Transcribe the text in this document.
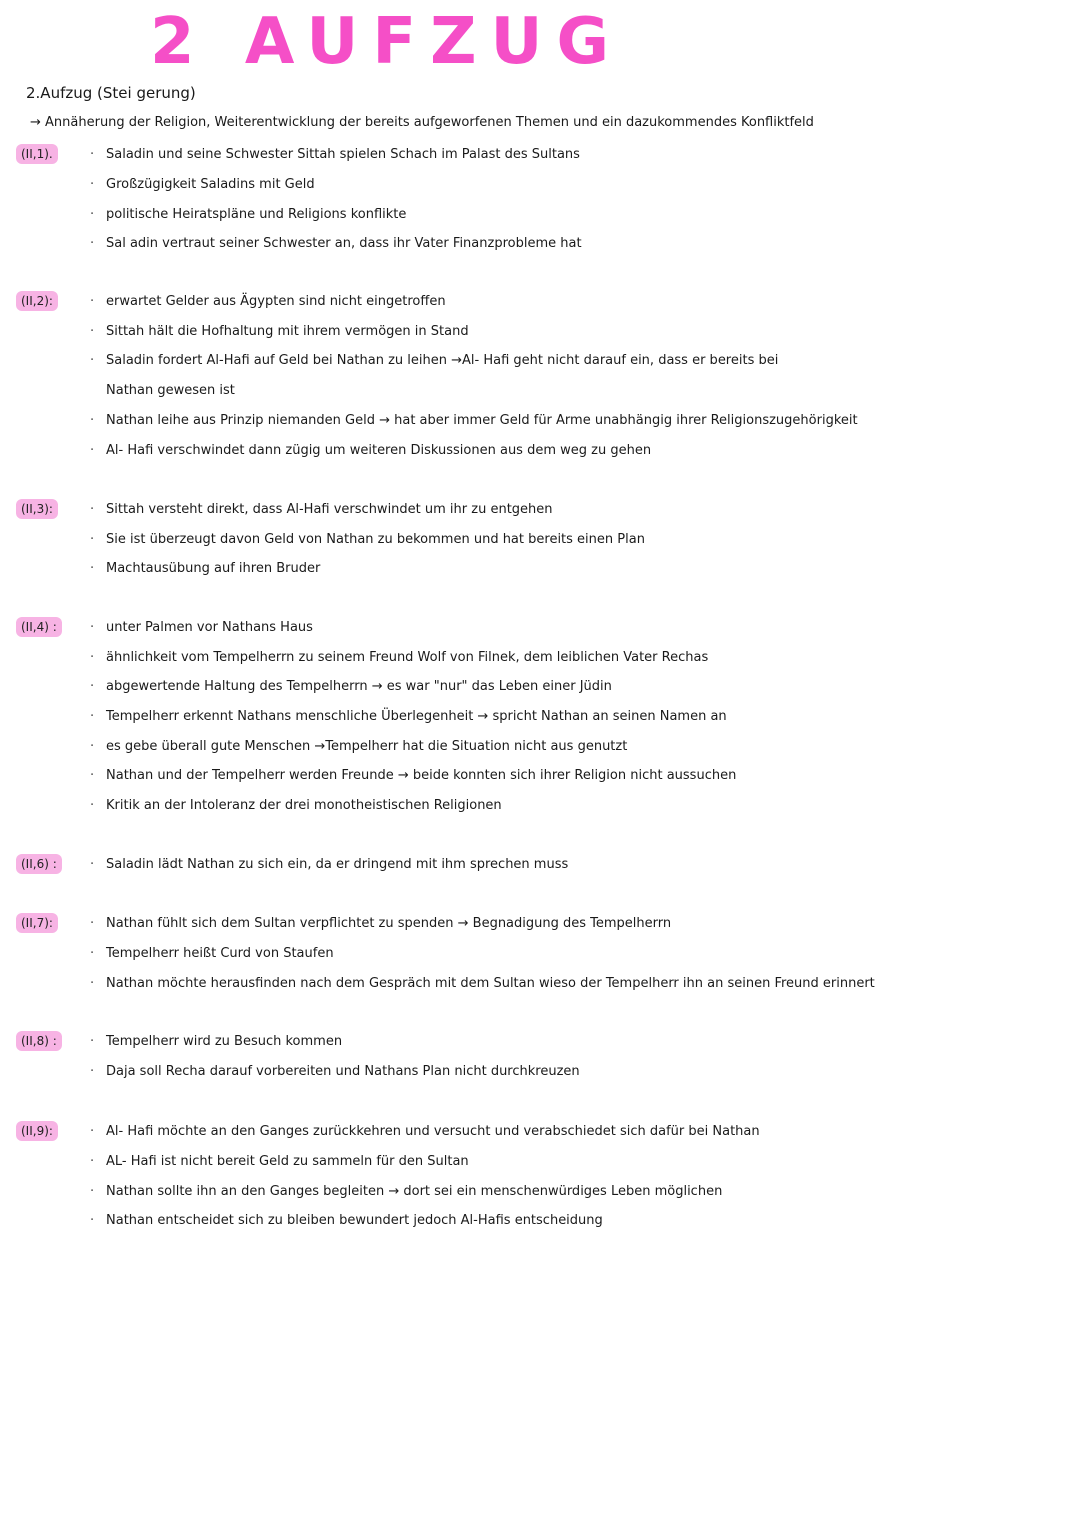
2 AUFZUG
2.Aufzug (Stei gerung)
→ Annäherung der Religion, Weiterentwicklung der bereits aufgeworfenen Themen und ein dazukommendes Konfliktfeld
(II,1).	· Saladin und seine Schwester Sittah spielen Schach im Palast des Sultans
· Großzügigkeit Saladins mit Geld
· politische Heiratspläne und Religions konflikte
· Sal adin vertraut seiner Schwester an, dass ihr Vater Finanzprobleme hat
(II,2):	· erwartet Gelder aus Ägypten sind nicht eingetroffen
· Sittah hält die Hofhaltung mit ihrem vermögen in Stand
· Saladin fordert Al-Hafi auf Geld bei Nathan zu leihen →Al- Hafi geht nicht darauf ein, dass er bereits bei
Nathan gewesen ist
· Nathan leihe aus Prinzip niemanden Geld → hat aber immer Geld für Arme unabhängig ihrer Religionszugehörigkeit
· Al- Hafi verschwindet dann zügig um weiteren Diskussionen aus dem weg zu gehen
(II,3):	· Sittah versteht direkt, dass Al-Hafi verschwindet um ihr zu entgehen
· Sie ist überzeugt davon Geld von Nathan zu bekommen und hat bereits einen Plan
· Machtausübung auf ihren Bruder
(II,4) :	· unter Palmen vor Nathans Haus
· ähnlichkeit vom Tempelherrn zu seinem Freund Wolf von Filnek, dem leiblichen Vater Rechas
· abgewertende Haltung des Tempelherrn → es war "nur" das Leben einer Jüdin
· Tempelherr erkennt Nathans menschliche Überlegenheit → spricht Nathan an seinen Namen an
· es gebe überall gute Menschen →Tempelherr hat die Situation nicht aus genutzt
· Nathan und der Tempelherr werden Freunde → beide konnten sich ihrer Religion nicht aussuchen
· Kritik an der Intoleranz der drei monotheistischen Religionen
(II,6) :	· Saladin lädt Nathan zu sich ein, da er dringend mit ihm sprechen muss
(II,7):	· Nathan fühlt sich dem Sultan verpflichtet zu spenden → Begnadigung des Tempelherrn
· Tempelherr heißt Curd von Staufen
· Nathan möchte herausfinden nach dem Gespräch mit dem Sultan wieso der Tempelherr ihn an seinen Freund erinnert
(II,8) :	· Tempelherr wird zu Besuch kommen
· Daja soll Recha darauf vorbereiten und Nathans Plan nicht durchkreuzen
(II,9):	· Al- Hafi möchte an den Ganges zurückkehren und versucht und verabschiedet sich dafür bei Nathan
· AL- Hafi ist nicht bereit Geld zu sammeln für den Sultan
· Nathan sollte ihn an den Ganges begleiten → dort sei ein menschenwürdiges Leben möglichen
· Nathan entscheidet sich zu bleiben bewundert jedoch Al-Hafis entscheidung
